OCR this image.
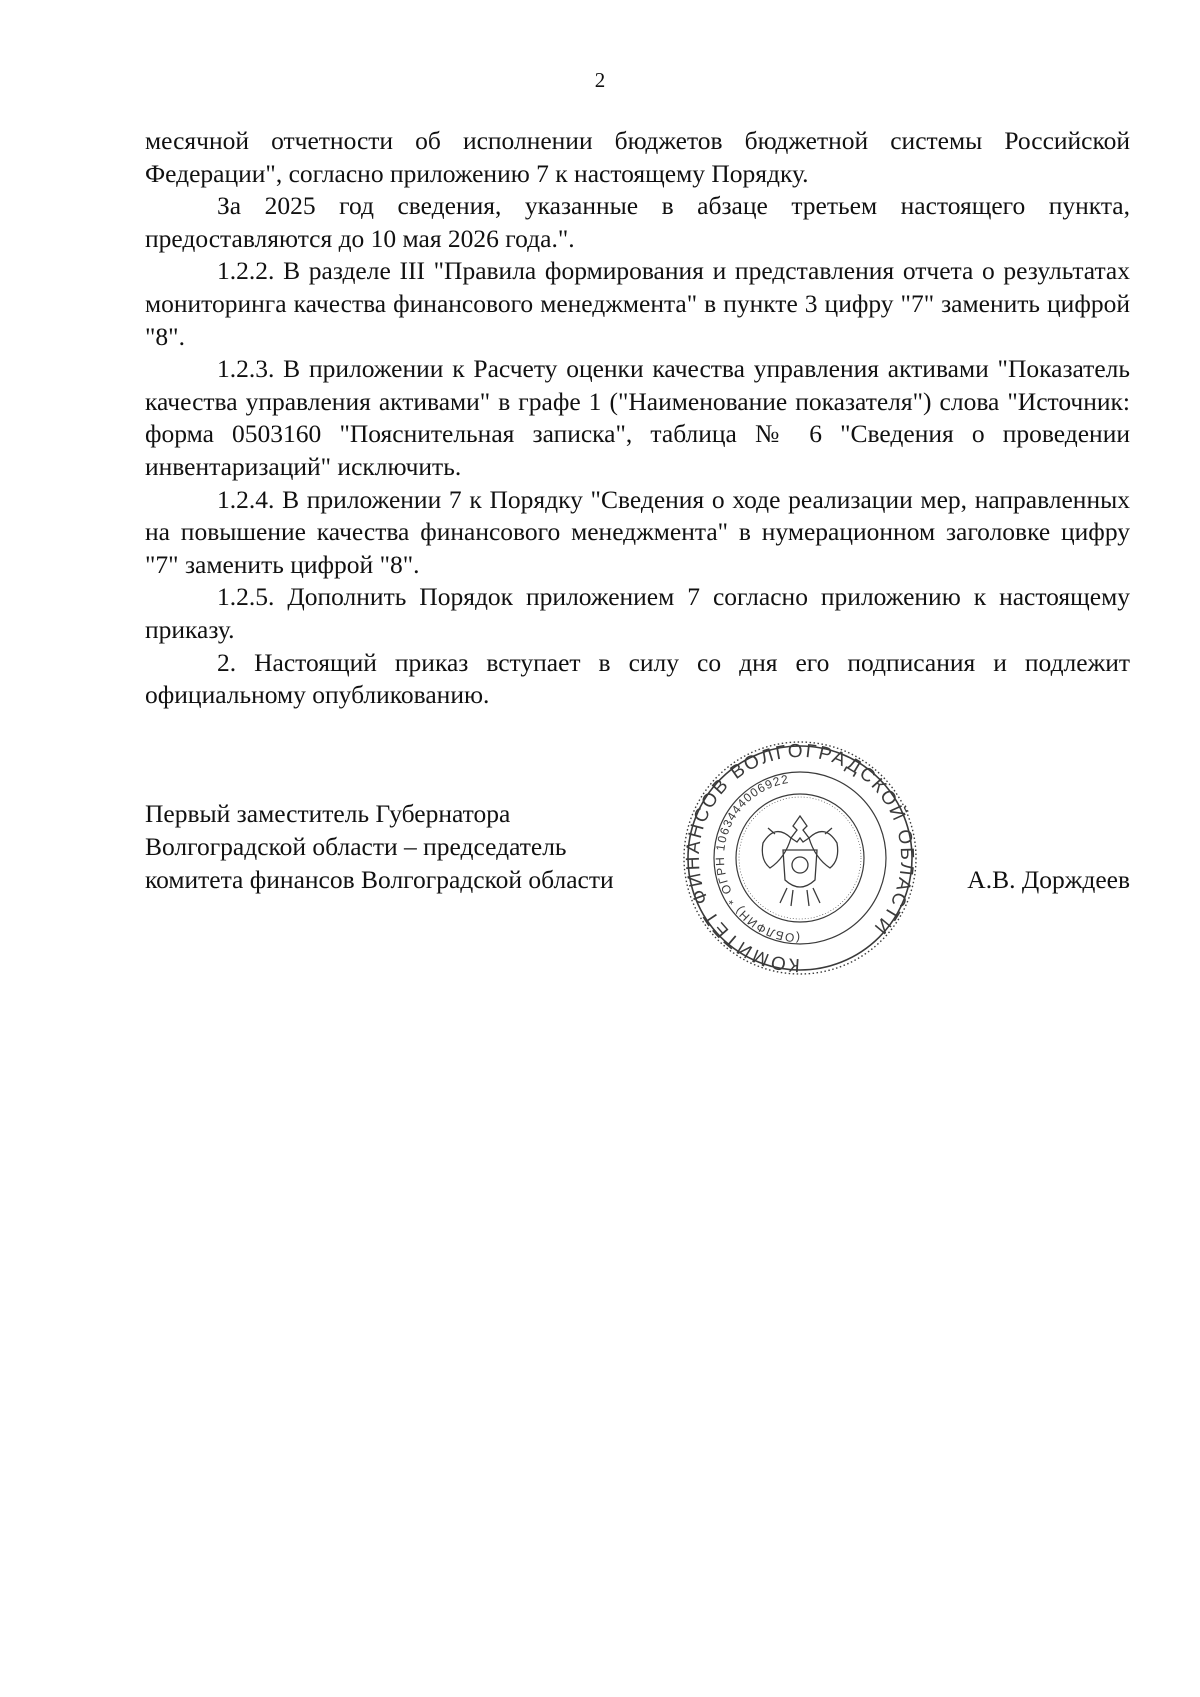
2

месячной отчетности об исполнении бюджетов бюджетной системы Российской Федерации", согласно приложению 7 к настоящему Порядку.

За 2025 год сведения, указанные в абзаце третьем настоящего пункта, предоставляются до 10 мая 2026 года.".

1.2.2. В разделе III "Правила формирования и представления отчета о результатах мониторинга качества финансового менеджмента" в пункте 3 цифру "7" заменить цифрой "8".

1.2.3. В приложении к Расчету оценки качества управления активами "Показатель качества управления активами" в графе 1 ("Наименование показателя") слова "Источник: форма 0503160 "Пояснительная записка", таблица № 6 "Сведения о проведении инвентаризаций" исключить.

1.2.4. В приложении 7 к Порядку "Сведения о ходе реализации мер, направленных на повышение качества финансового менеджмента" в нумерационном заголовке цифру "7" заменить цифрой "8".

1.2.5. Дополнить Порядок приложением 7 согласно приложению к настоящему приказу.

2. Настоящий приказ вступает в силу со дня его подписания и подлежит официальному опубликованию.

Первый заместитель Губернатора
Волгоградской области – председатель
комитета финансов Волгоградской области	А.В. Дорждеев
КОМИТЕТ ФИНАНСОВ ВОЛГОГРАДСКОЙ ОБЛАСТИ
(ОБЛФИН) * ОГРН 1063444006922
